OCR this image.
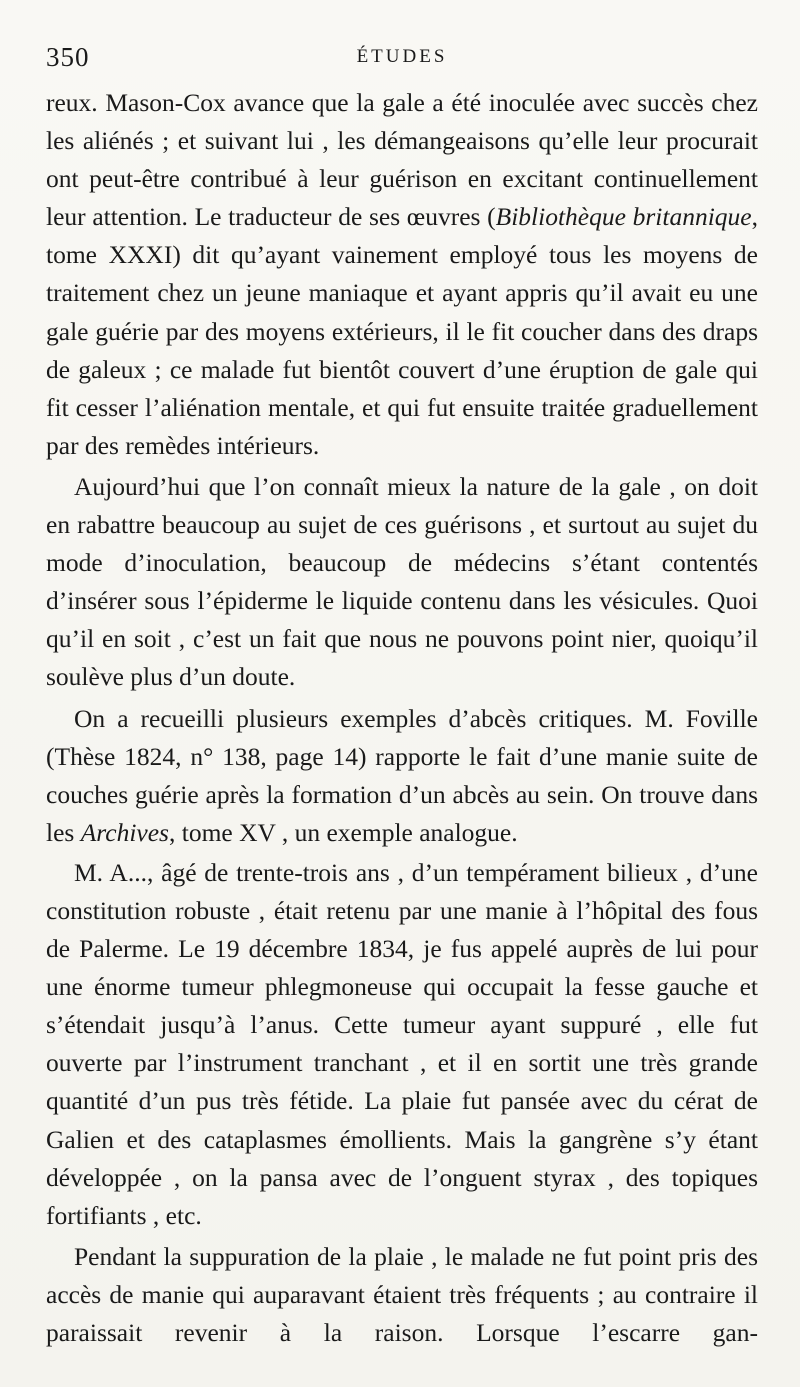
350	ÉTUDES

reux. Mason-Cox avance que la gale a été inoculée avec succès chez les aliénés ; et suivant lui , les démangeaisons qu’elle leur procurait ont peut-être contribué à leur guérison en excitant continuellement leur attention. Le traducteur de ses œuvres (Bibliothèque britannique, tome XXXI) dit qu’ayant vainement employé tous les moyens de traitement chez un jeune maniaque et ayant appris qu’il avait eu une gale guérie par des moyens extérieurs, il le fit coucher dans des draps de galeux ; ce malade fut bientôt couvert d’une éruption de gale qui fit cesser l’aliénation mentale, et qui fut ensuite traitée graduellement par des remèdes intérieurs.

Aujourd’hui que l’on connaît mieux la nature de la gale , on doit en rabattre beaucoup au sujet de ces guérisons , et surtout au sujet du mode d’inoculation, beaucoup de médecins s’étant contentés d’insérer sous l’épiderme le liquide contenu dans les vésicules. Quoi qu’il en soit , c’est un fait que nous ne pouvons point nier, quoiqu’il soulève plus d’un doute.

On a recueilli plusieurs exemples d’abcès critiques. M. Foville (Thèse 1824, n° 138, page 14) rapporte le fait d’une manie suite de couches guérie après la formation d’un abcès au sein. On trouve dans les Archives, tome XV , un exemple analogue.

M. A..., âgé de trente-trois ans , d’un tempérament bilieux , d’une constitution robuste , était retenu par une manie à l’hôpital des fous de Palerme. Le 19 décembre 1834, je fus appelé auprès de lui pour une énorme tumeur phlegmoneuse qui occupait la fesse gauche et s’étendait jusqu’à l’anus. Cette tumeur ayant suppuré , elle fut ouverte par l’instrument tranchant , et il en sortit une très grande quantité d’un pus très fétide. La plaie fut pansée avec du cérat de Galien et des cataplasmes émollients. Mais la gangrène s’y étant développée , on la pansa avec de l’onguent styrax , des topiques fortifiants , etc.

Pendant la suppuration de la plaie , le malade ne fut point pris des accès de manie qui auparavant étaient très fréquents ; au contraire il paraissait revenir à la raison. Lorsque l’escarre gan-
